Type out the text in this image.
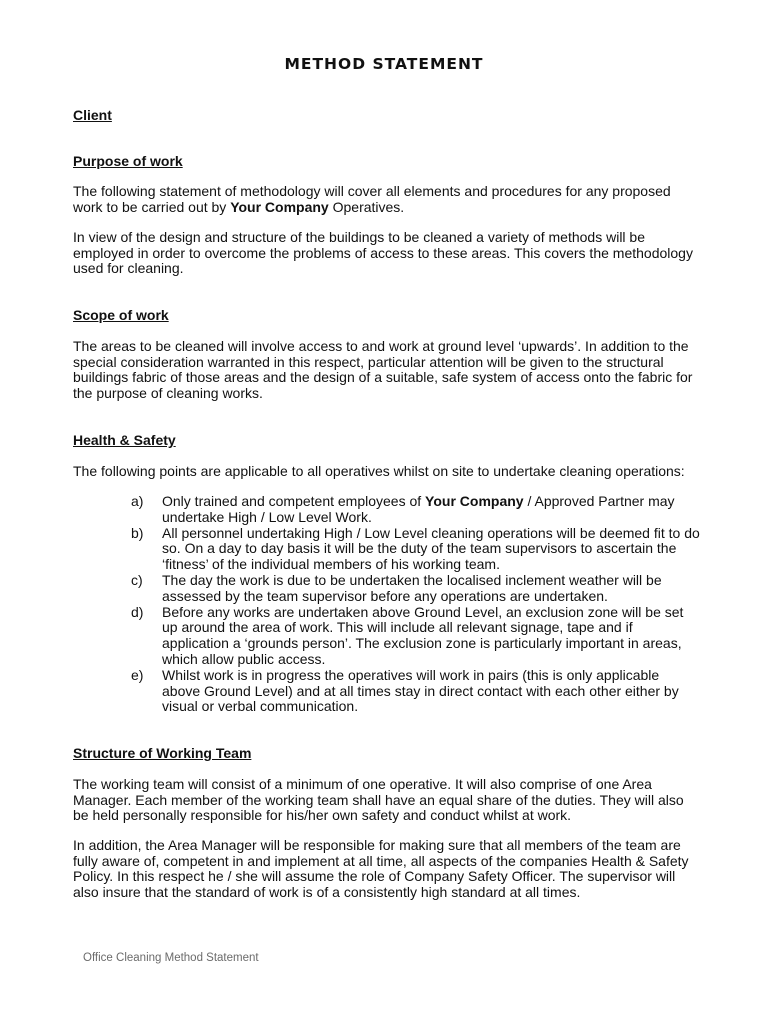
METHOD STATEMENT
Client
Purpose of work
The following statement of methodology will cover all elements and procedures for any proposed work to be carried out by Your Company Operatives.
In view of the design and structure of the buildings to be cleaned a variety of methods will be employed in order to overcome the problems of access to these areas. This covers the methodology used for cleaning.
Scope of work
The areas to be cleaned will involve access to and work at ground level ‘upwards’. In addition to the special consideration warranted in this respect, particular attention will be given to the structural buildings fabric of those areas and the design of a suitable, safe system of access onto the fabric for the purpose of cleaning works.
Health & Safety
The following points are applicable to all operatives whilst on site to undertake cleaning operations:
a)	Only trained and competent employees of Your Company / Approved Partner may undertake High / Low Level Work.
b)	All personnel undertaking High / Low Level cleaning operations will be deemed fit to do so. On a day to day basis it will be the duty of the team supervisors to ascertain the ‘fitness’ of the individual members of his working team.
c)	The day the work is due to be undertaken the localised inclement weather will be assessed by the team supervisor before any operations are undertaken.
d)	Before any works are undertaken above Ground Level, an exclusion zone will be set up around the area of work. This will include all relevant signage, tape and if application a ‘grounds person’. The exclusion zone is particularly important in areas, which allow public access.
e)	Whilst work is in progress the operatives will work in pairs (this is only applicable above Ground Level) and at all times stay in direct contact with each other either by visual or verbal communication.
Structure of Working Team
The working team will consist of a minimum of one operative. It will also comprise of one Area Manager. Each member of the working team shall have an equal share of the duties. They will also be held personally responsible for his/her own safety and conduct whilst at work.
In addition, the Area Manager will be responsible for making sure that all members of the team are fully aware of, competent in and implement at all time, all aspects of the companies Health & Safety Policy. In this respect he / she will assume the role of Company Safety Officer. The supervisor will also insure that the standard of work is of a consistently high standard at all times.
Office Cleaning Method Statement
